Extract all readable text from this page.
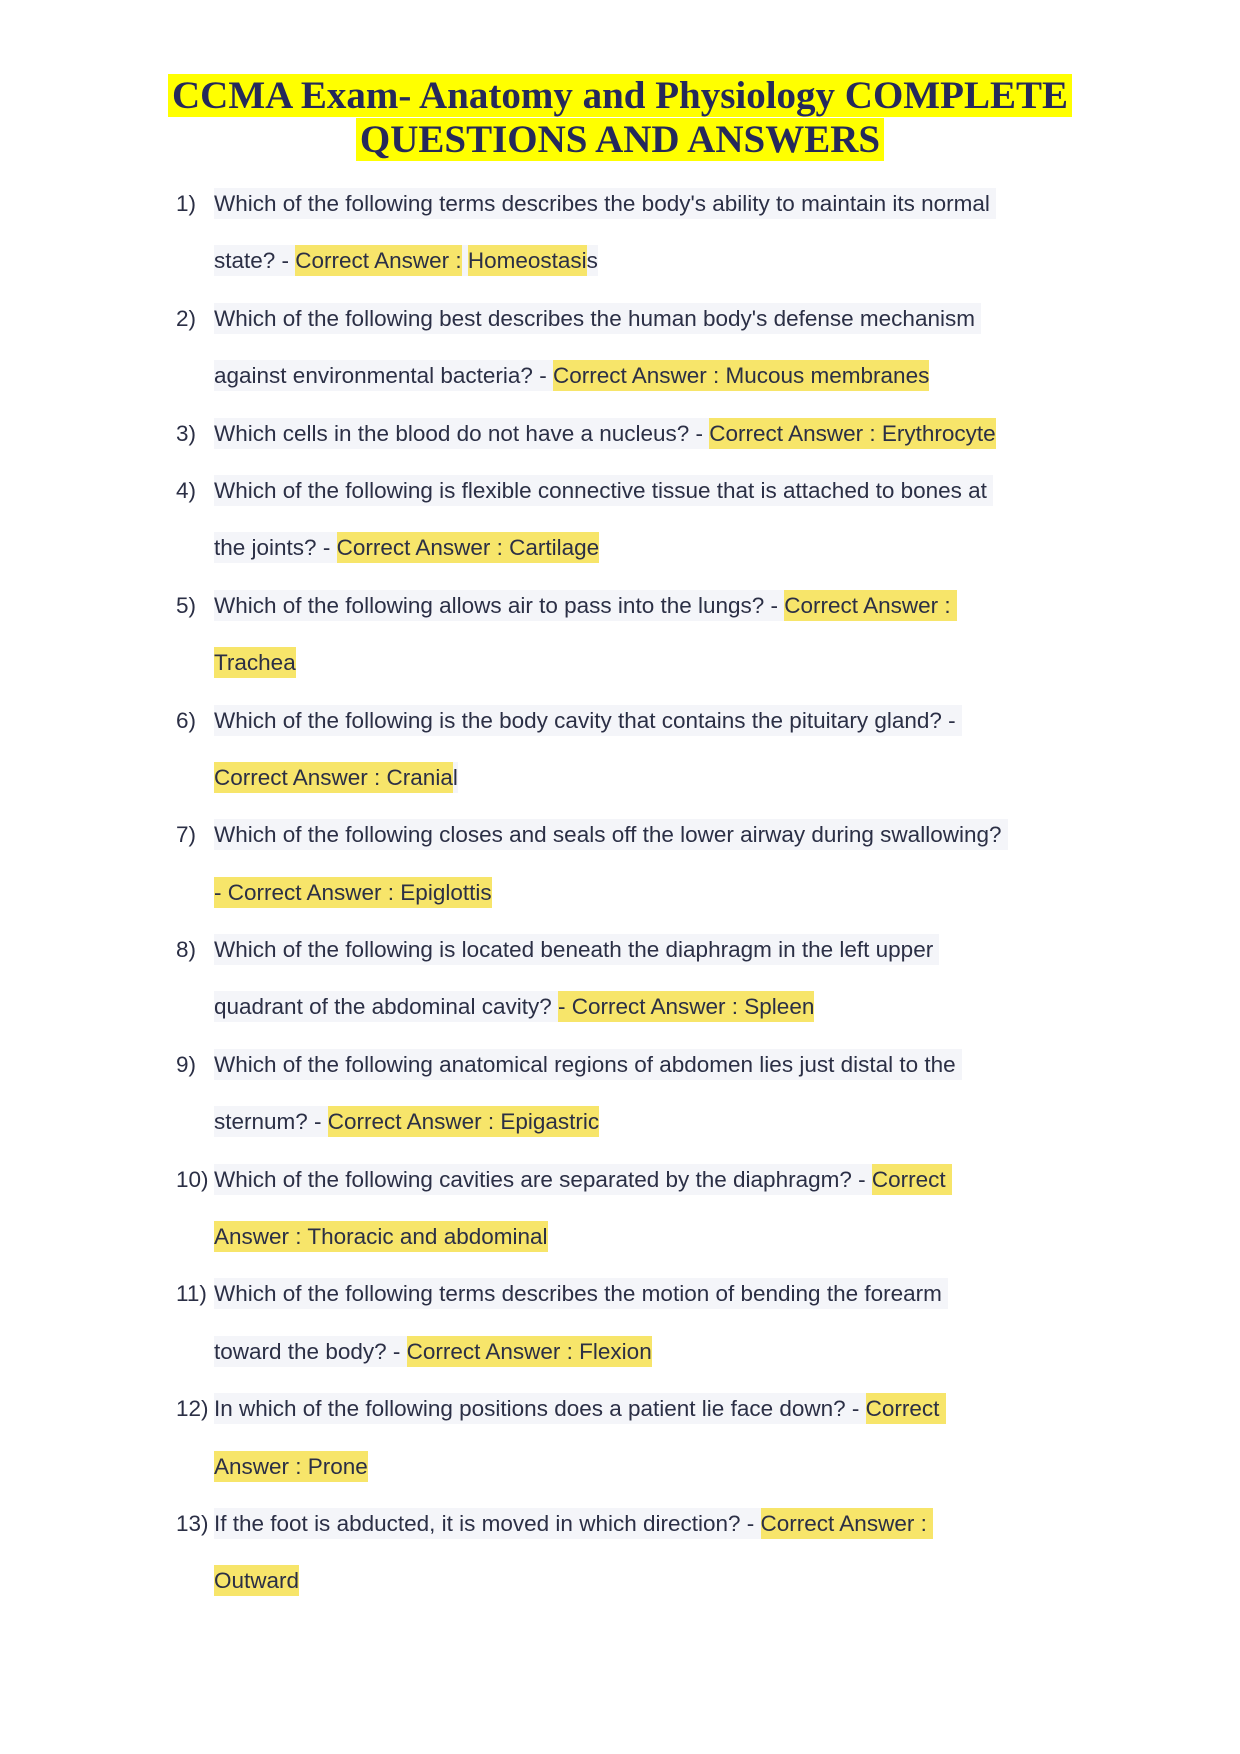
CCMA Exam- Anatomy and Physiology COMPLETE
QUESTIONS AND ANSWERS
1) Which of the following terms describes the body's ability to maintain its normal
state? - Correct Answer : Homeostasis
2) Which of the following best describes the human body's defense mechanism
against environmental bacteria? - Correct Answer : Mucous membranes
3) Which cells in the blood do not have a nucleus? - Correct Answer : Erythrocyte
4) Which of the following is flexible connective tissue that is attached to bones at
the joints? - Correct Answer : Cartilage
5) Which of the following allows air to pass into the lungs? - Correct Answer :
Trachea
6) Which of the following is the body cavity that contains the pituitary gland? -
Correct Answer : Cranial
7) Which of the following closes and seals off the lower airway during swallowing?
- Correct Answer : Epiglottis
8) Which of the following is located beneath the diaphragm in the left upper
quadrant of the abdominal cavity? - Correct Answer : Spleen
9) Which of the following anatomical regions of abdomen lies just distal to the
sternum? - Correct Answer : Epigastric
10) Which of the following cavities are separated by the diaphragm? - Correct
Answer : Thoracic and abdominal
11) Which of the following terms describes the motion of bending the forearm
toward the body? - Correct Answer : Flexion
12) In which of the following positions does a patient lie face down? - Correct
Answer : Prone
13) If the foot is abducted, it is moved in which direction? - Correct Answer :
Outward
